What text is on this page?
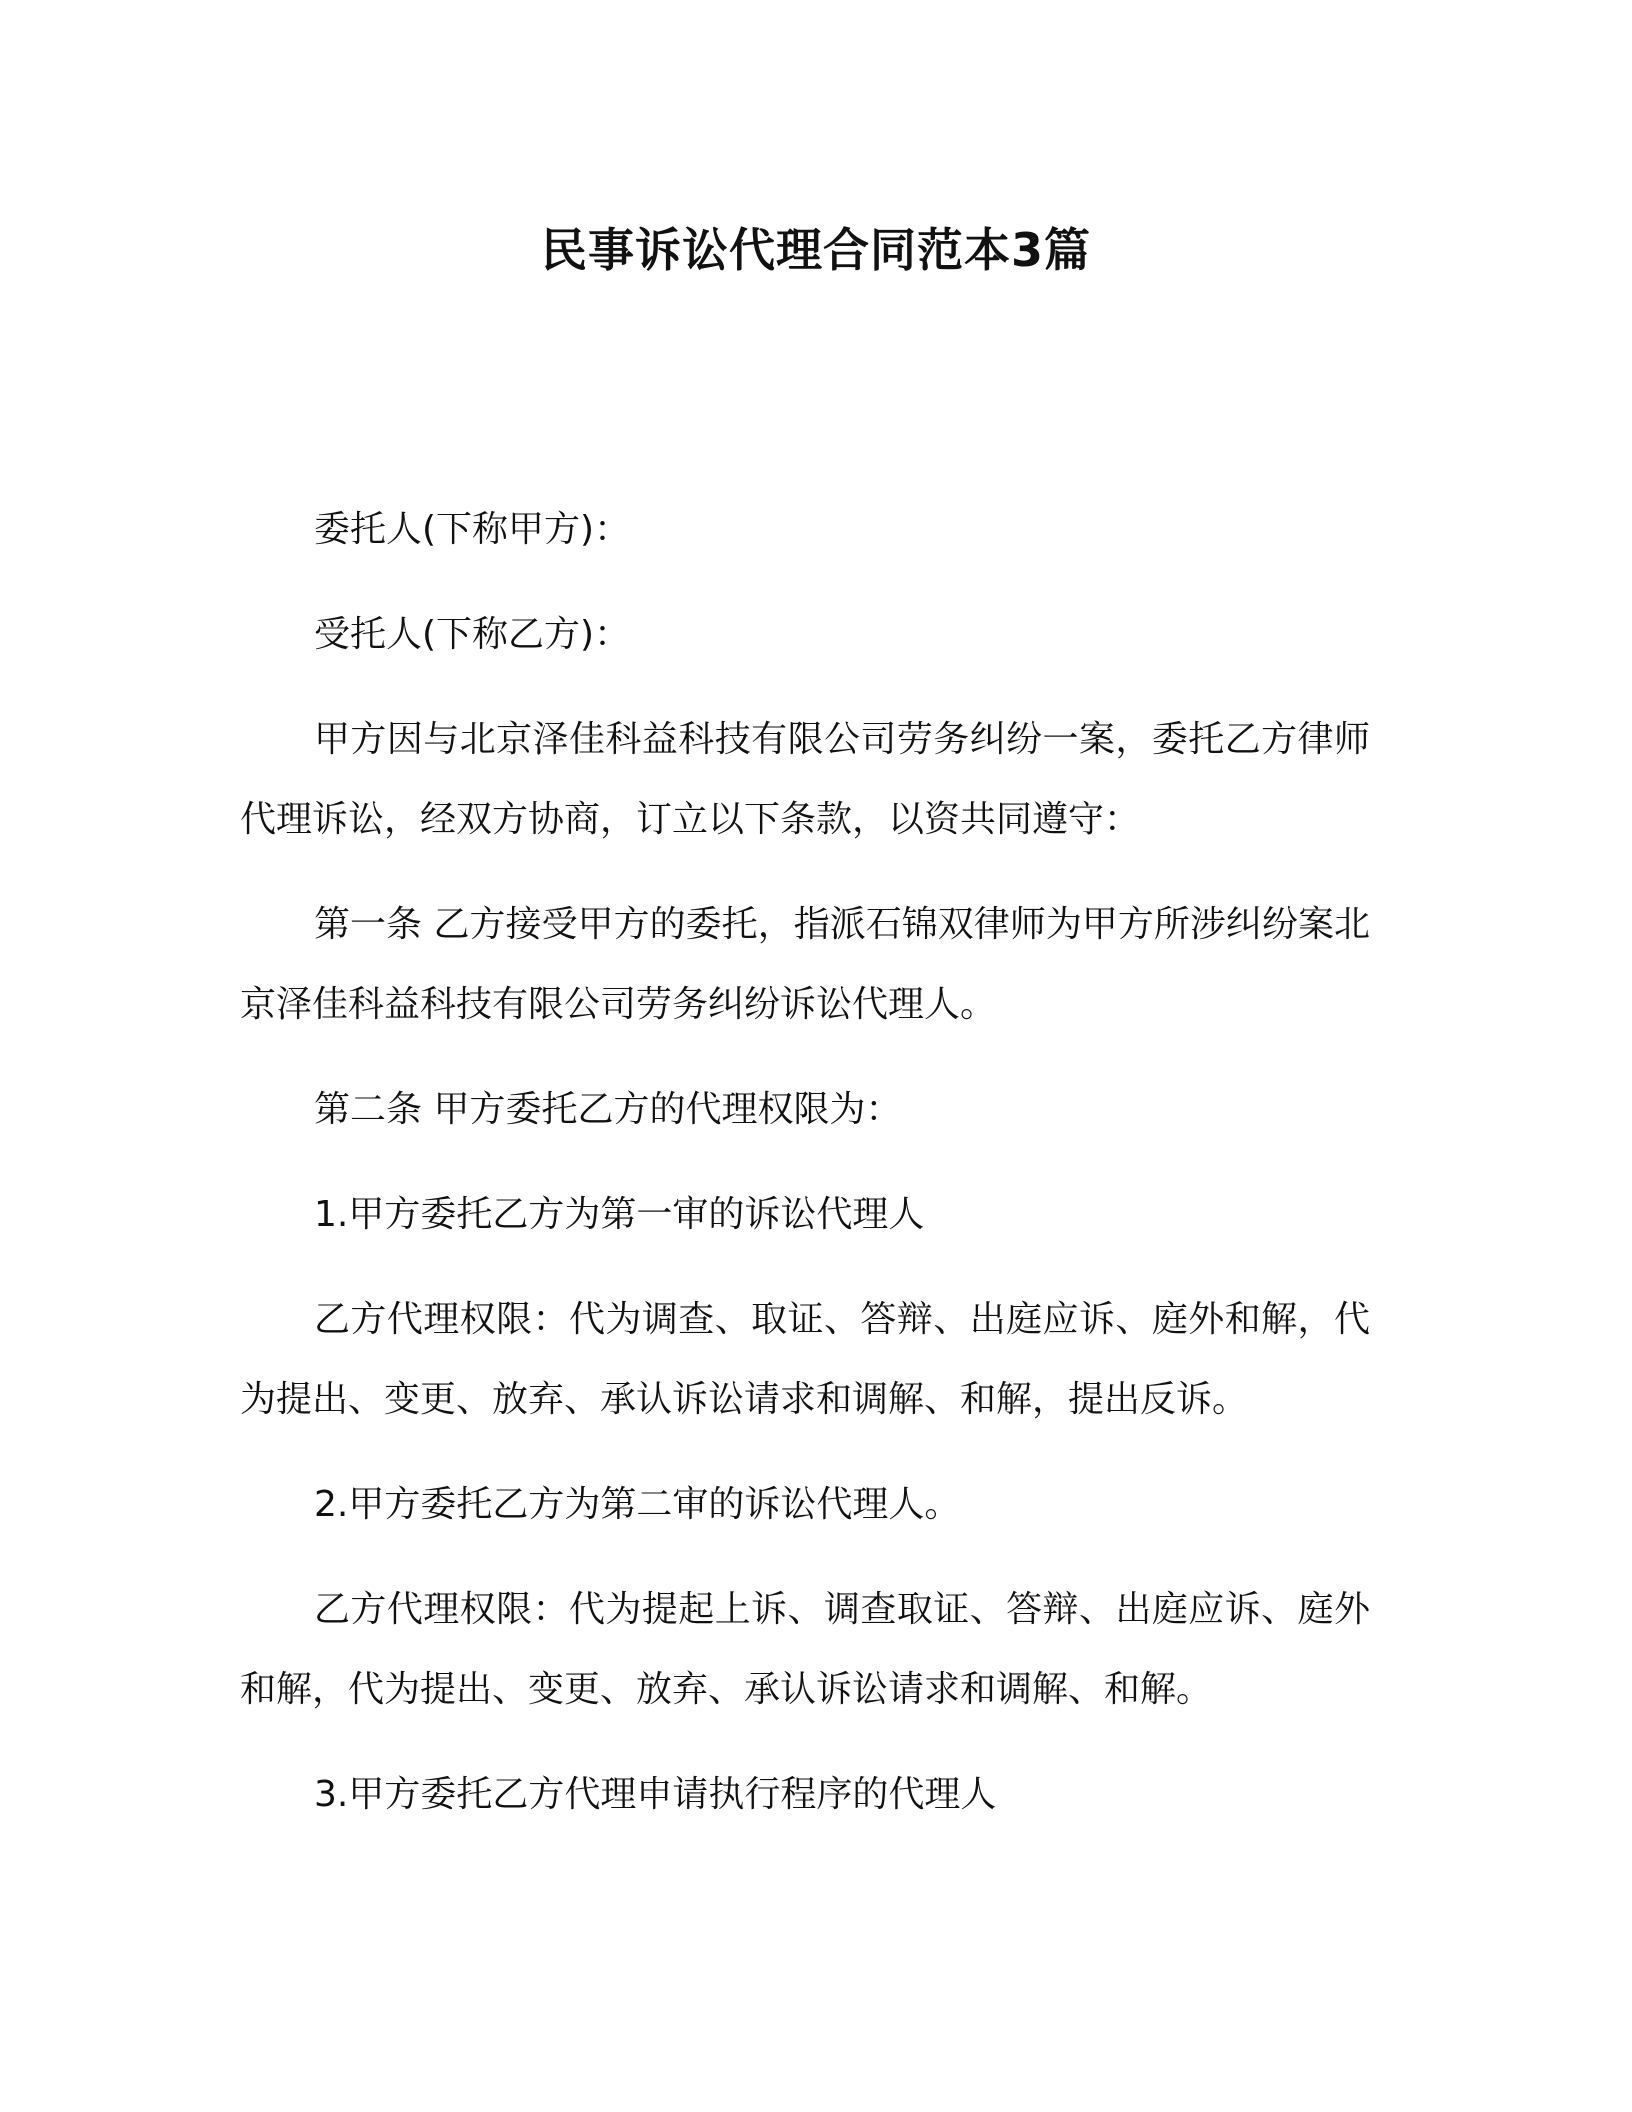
民事诉讼代理合同范本3篇

委托人(下称甲方)：

受托人(下称乙方)：

甲方因与北京泽佳科益科技有限公司劳务纠纷一案，委托乙方律师代理诉讼，经双方协商，订立以下条款，以资共同遵守：

第一条 乙方接受甲方的委托，指派石锦双律师为甲方所涉纠纷案北京泽佳科益科技有限公司劳务纠纷诉讼代理人。

第二条 甲方委托乙方的代理权限为：

1.甲方委托乙方为第一审的诉讼代理人

乙方代理权限：代为调查、取证、答辩、出庭应诉、庭外和解，代为提出、变更、放弃、承认诉讼请求和调解、和解，提出反诉。

2.甲方委托乙方为第二审的诉讼代理人。

乙方代理权限：代为提起上诉、调查取证、答辩、出庭应诉、庭外和解，代为提出、变更、放弃、承认诉讼请求和调解、和解。

3.甲方委托乙方代理申请执行程序的代理人
